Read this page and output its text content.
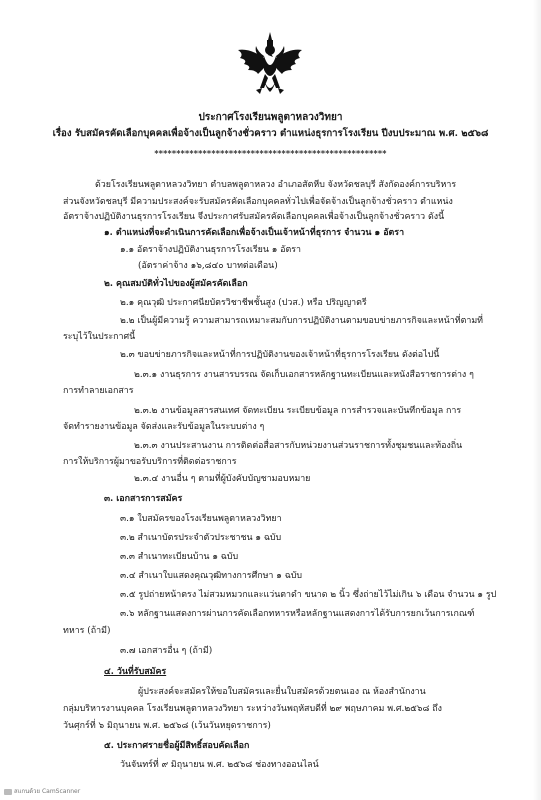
ประกาศโรงเรียนพลูตาหลวงวิทยา
เรื่อง รับสมัครคัดเลือกบุคคลเพื่อจ้างเป็นลูกจ้างชั่วคราว ตำแหน่งธุรการโรงเรียน ปีงบประมาณ พ.ศ. ๒๕๖๘
*****************************************************
ด้วยโรงเรียนพลูตาหลวงวิทยา ตำบลพลูตาหลวง อำเภอสัตหีบ จังหวัดชลบุรี สังกัดองค์การบริหาร
ส่วนจังหวัดชลบุรี มีความประสงค์จะรับสมัครคัดเลือกบุคคลทั่วไปเพื่อจัดจ้างเป็นลูกจ้างชั่วคราว ตำแหน่ง
อัตราจ้างปฏิบัติงานธุรการโรงเรียน จึงประกาศรับสมัครคัดเลือกบุคคลเพื่อจ้างเป็นลูกจ้างชั่วคราว ดังนี้
๑. ตำแหน่งที่จะดำเนินการคัดเลือกเพื่อจ้างเป็นเจ้าหน้าที่ธุรการ จำนวน ๑ อัตรา
๑.๑ อัตราจ้างปฏิบัติงานธุรการโรงเรียน ๑ อัตรา
(อัตราค่าจ้าง ๑๖,๘๔๐ บาทต่อเดือน)
๒. คุณสมบัติทั่วไปของผู้สมัครคัดเลือก
๒.๑ คุณวุฒิ ประกาศนียบัตรวิชาชีพชั้นสูง (ปวส.) หรือ ปริญญาตรี
๒.๒ เป็นผู้มีความรู้ ความสามารถเหมาะสมกับการปฏิบัติงานตามขอบข่ายภารกิจและหน้าที่ตามที่
ระบุไว้ในประกาศนี้
๒.๓ ขอบข่ายภารกิจและหน้าที่การปฏิบัติงานของเจ้าหน้าที่ธุรการโรงเรียน ดังต่อไปนี้
๒.๓.๑ งานธุรการ งานสารบรรณ จัดเก็บเอกสารหลักฐานทะเบียนและหนังสือราชการต่าง ๆ
การทำลายเอกสาร
๒.๓.๒ งานข้อมูลสารสนเทศ จัดทะเบียน ระเบียบข้อมูล การสำรวจและบันทึกข้อมูล การ
จัดทำรายงานข้อมูล จัดส่งและรับข้อมูลในระบบต่าง ๆ
๒.๓.๓ งานประสานงาน การติดต่อสื่อสารกับหน่วยงานส่วนราชการทั้งชุมชนและท้องถิ่น
การให้บริการผู้มาขอรับบริการที่ติดต่อราชการ
๒.๓.๔ งานอื่น ๆ ตามที่ผู้บังคับบัญชามอบหมาย
๓. เอกสารการสมัคร
๓.๑ ใบสมัครของโรงเรียนพลูตาหลวงวิทยา
๓.๒ สำเนาบัตรประจำตัวประชาชน ๑ ฉบับ
๓.๓ สำเนาทะเบียนบ้าน ๑ ฉบับ
๓.๔ สำเนาใบแสดงคุณวุฒิทางการศึกษา ๑ ฉบับ
๓.๕ รูปถ่ายหน้าตรง ไม่สวมหมวกและแว่นตาดำ ขนาด ๒ นิ้ว ซึ่งถ่ายไว้ไม่เกิน ๖ เดือน จำนวน ๑ รูป
๓.๖ หลักฐานแสดงการผ่านการคัดเลือกทหารหรือหลักฐานแสดงการได้รับการยกเว้นการเกณฑ์
ทหาร (ถ้ามี)
๓.๗ เอกสารอื่น ๆ (ถ้ามี)
๔. วันที่รับสมัคร
ผู้ประสงค์จะสมัครให้ขอใบสมัครและยื่นใบสมัครด้วยตนเอง ณ ห้องสำนักงาน
กลุ่มบริหารงานบุคคล โรงเรียนพลูตาหลวงวิทยา ระหว่างวันพฤหัสบดีที่ ๒๙ พฤษภาคม พ.ศ.๒๕๖๘ ถึง
วันศุกร์ที่ ๖ มิถุนายน พ.ศ. ๒๕๖๘ (เว้นวันหยุดราชการ)
๕. ประกาศรายชื่อผู้มีสิทธิ์สอบคัดเลือก
วันจันทร์ที่ ๙ มิถุนายน พ.ศ. ๒๕๖๘ ช่องทางออนไลน์
สแกนด้วย CamScanner
